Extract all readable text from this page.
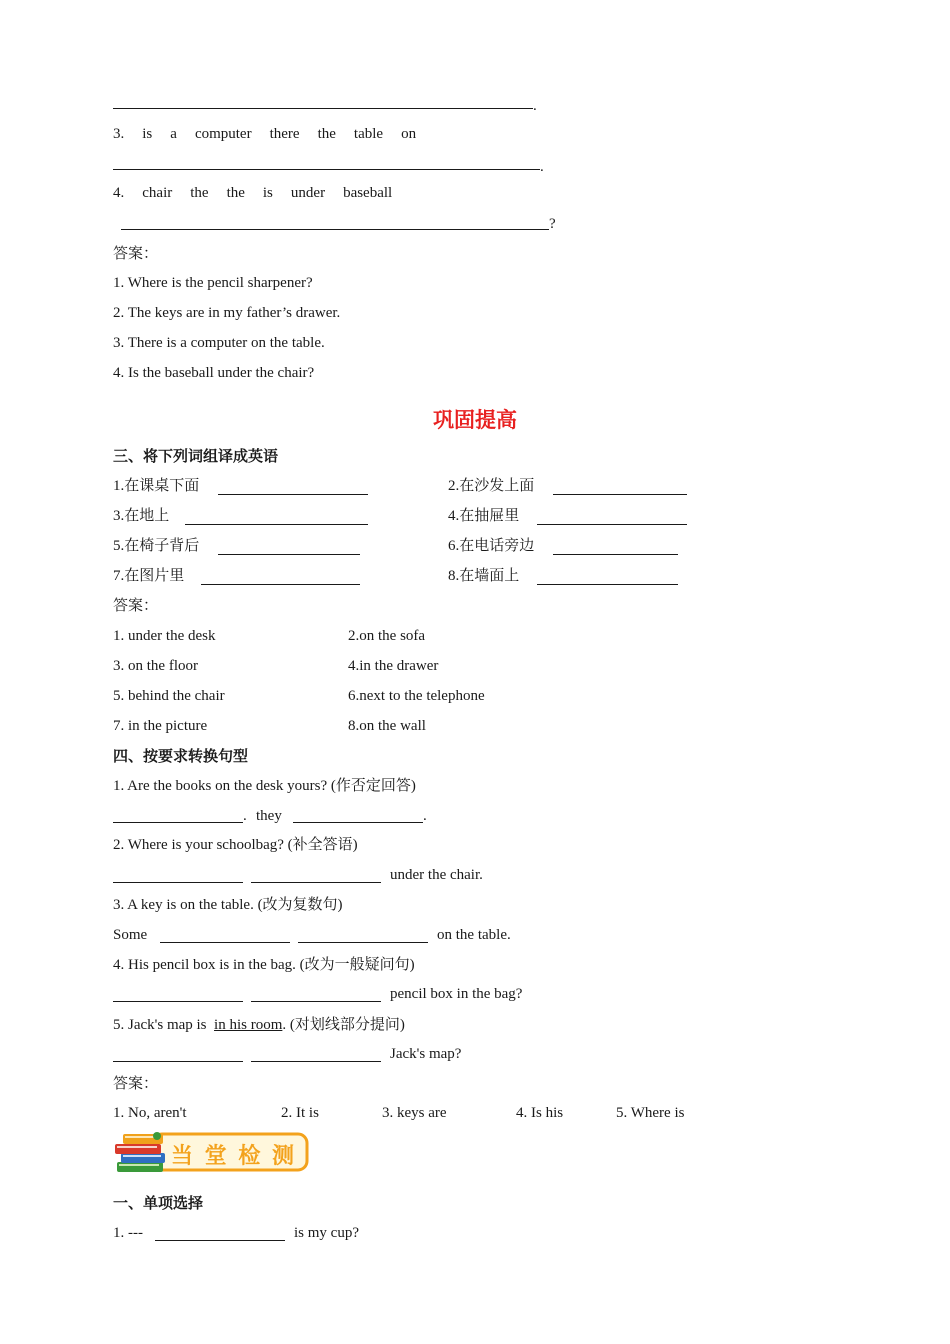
.
3. is a computer there the table on
.
4. chair the the is under baseball
?
答案：
1. Where is the pencil sharpener?
2. The keys are in my father’s drawer.
3. There is a computer on the table.
4. Is the baseball under the chair?
巩固提高
三、将下列词组译成英语
1.在课桌下面	2.在沙发上面
3.在地上	4.在抽屉里
5.在椅子背后	6.在电话旁边
7.在图片里	8.在墙面上
答案：
1. under the desk	2.on the sofa
3. on the floor	4.in the drawer
5. behind the chair	6.next to the telephone
7. in the picture	8.on the wall
四、按要求转换句型
1. Are the books on the desk yours? (作否定回答)
. they	.
2. Where is your schoolbag? (补全答语)
under the chair.
3. A key is on the table. (改为复数句)
Some	on the table.
4. His pencil box is in the bag. (改为一般疑问句)
pencil box in the bag?
5. Jack's map is in his room. (对划线部分提问)
Jack's map?
答案：
1. No, aren't	2. It is	3. keys are	4. Is his	5. Where is
当 堂 检 测
一、单项选择
1. ---	is my cup?
